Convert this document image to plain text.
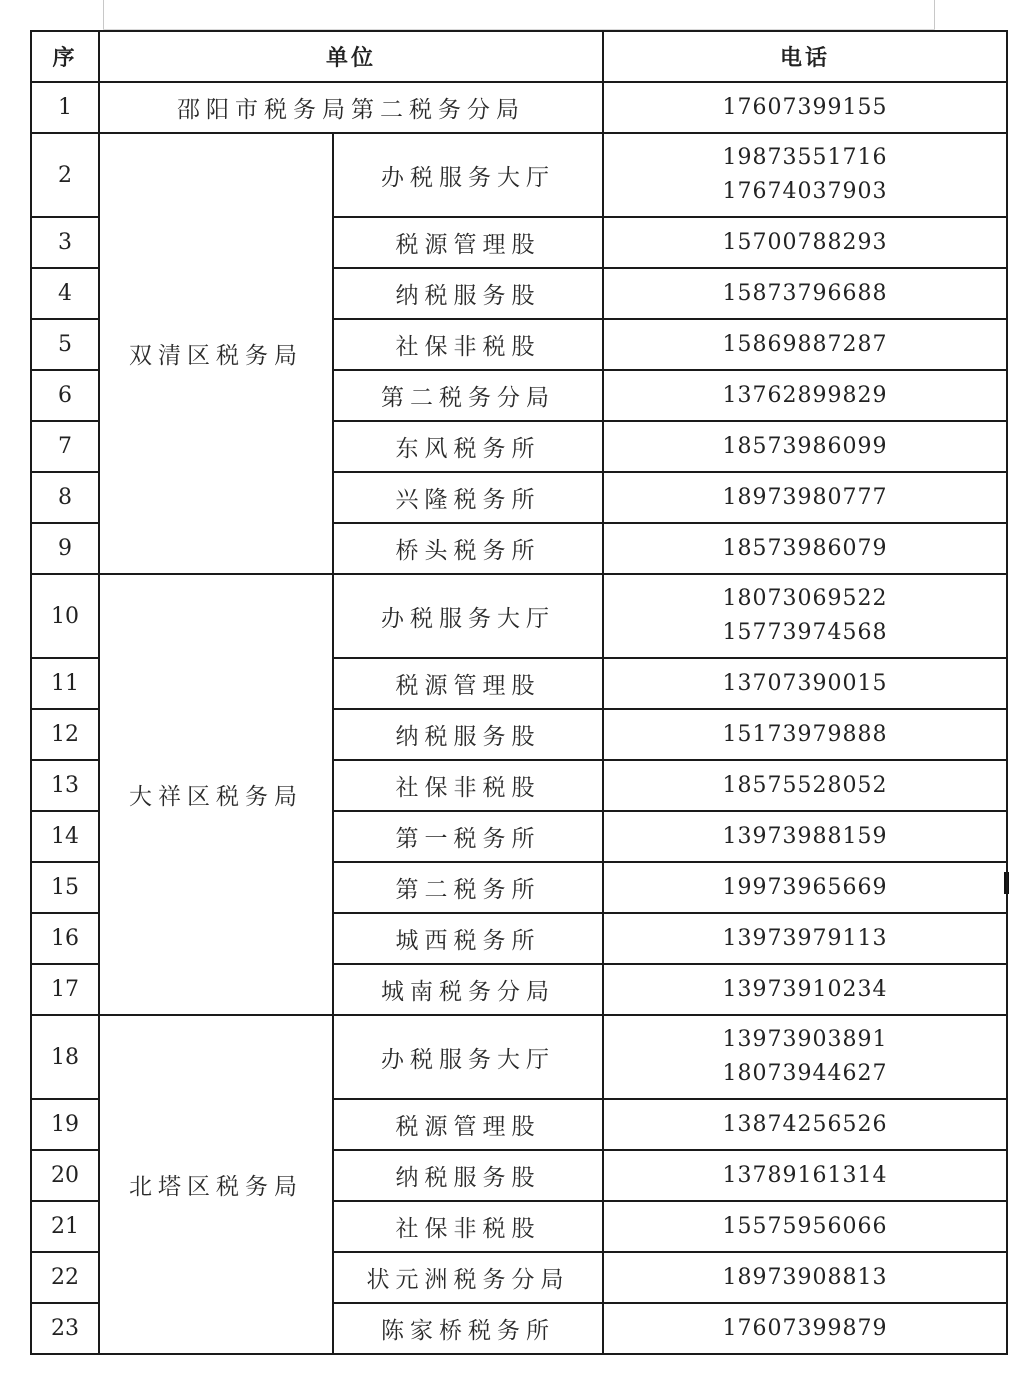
序	单位		电话
1	邵阳市税务局第二税务分局		17607399155

2	双清区税务局	办税服务大厅	19873551716
17674037903

3		税源管理股	15700788293

4		纳税服务股	15873796688

5		社保非税股	15869887287

6		第二税务分局	13762899829

7		东风税务所	18573986099

8		兴隆税务所	18973980777

9		桥头税务所	18573986079

10	大祥区税务局	办税服务大厅	18073069522
15773974568

11		税源管理股	13707390015

12		纳税服务股	15173979888

13		社保非税股	18575528052

14		第一税务所	13973988159

15		第二税务所	19973965669

16		城西税务所	13973979113

17		城南税务分局	13973910234

18	北塔区税务局	办税服务大厅	13973903891
18073944627

19		税源管理股	13874256526

20		纳税服务股	13789161314

21		社保非税股	15575956066

22		状元洲税务分局	18973908813

23		陈家桥税务所	17607399879
